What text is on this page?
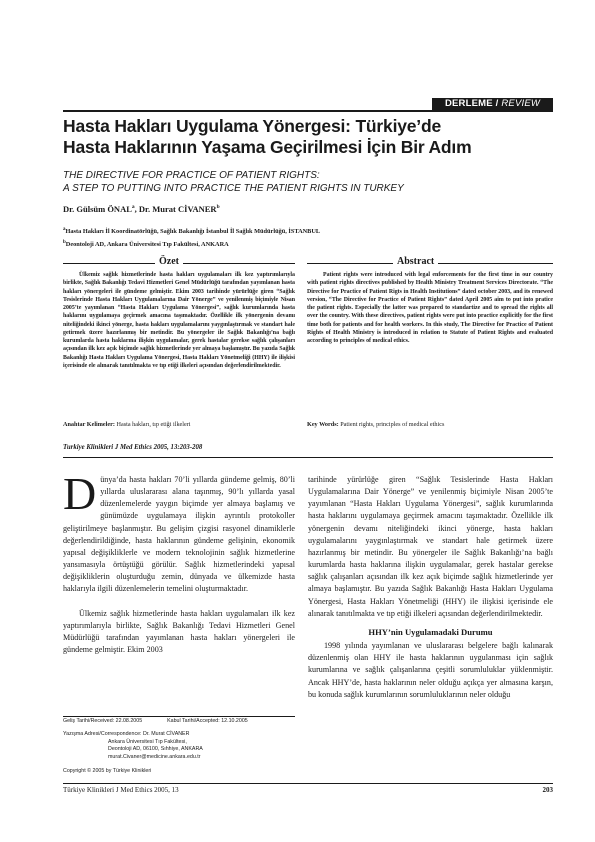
DERLEME / REVIEW
Hasta Hakları Uygulama Yönergesi: Türkiye’de
Hasta Haklarının Yaşama Geçirilmesi İçin Bir Adım
THE DIRECTIVE FOR PRACTICE OF PATIENT RIGHTS:
A STEP TO PUTTING INTO PRACTICE THE PATIENT RIGHTS IN TURKEY
Dr. Gülsüm ÖNAL$^a$, Dr. Murat CİVANER$^b$
$^a$Hasta Hakları İl Koordinatörlüğü, Sağlık Bakanlığı İstanbul İl Sağlık Müdürlüğü, İSTANBUL
$^b$Deontoloji AD, Ankara Üniversitesi Tıp Fakültesi, ANKARA
Özet	Abstract

Ülkemiz sağlık hizmetlerinde hasta hakları uygulamaları ilk kez yaptırımlarıyla birlikte, Sağlık Bakanlığı Tedavi Hizmetleri Genel Müdürlüğü tarafından yayımlanan hasta hakları yönergeleri ile gündeme gelmiştir. Ekim 2003 tarihinde yürürlüğe giren “Sağlık Tesislerinde Hasta Hakları Uygulamalarına Dair Yönerge” ve yenilenmiş biçimiyle Nisan 2005’te yayımlanan “Hasta Hakları Uygulama Yönergesi”, sağlık kurumlarında hasta haklarını uygulamaya geçirmek amacına taşımaktadır. Özellikle ilk yönergenin devamı niteliğindeki ikinci yönerge, hasta hakları uygulamalarını yaygınlaştırmak ve standart hale getirmek üzere hazırlanmış bir metindir. Bu yönergeler ile Sağlık Bakanlığı’na bağlı kurumlarda hasta haklarına ilişkin uygulamalar, gerek hastalar gerekse sağlık çalışanları açısından ilk kez açık biçimde sağlık hizmetlerinde yer almaya başlamıştır. Bu yazıda Sağlık Bakanlığı Hasta Hakları Uygulama Yönergesi, Hasta Hakları Yönetmeliği (HHY) ile ilişkisi içerisinde ele alınarak tanıtılmakta ve tıp etiği ilkeleri açısından değerlendirilmektedir.

Anahtar Kelimeler: Hasta hakları, tıp etiği ilkeleri

Patient rights were introduced with legal enforcements for the first time in our country with patient rights directives published by Health Ministry Treatment Services Directorate. “The Directive for Practice of Patient Rigts in Health Institutions” dated october 2003, and its renewed version, “The Directive for Practice of Patient Rights” dated April 2005 aim to put into pratice the patient rights. Especially the latter was prepared to standartize and to spread the rights all over the country. With these directives, patient rights were put into practice explicitly for the first time both for patients and for health workers. In this study, The Directive for Practice of Patient Rights of Health Ministry is introduced in relation to Statute of Patient Rights and evaluated according to principles of medical ethics.

Key Words: Patient rights, principles of medical ethics
Turkiye Klinikleri J Med Ethics 2005, 13:203-208

Dünya’da hasta hakları 70’li yıllarda gündeme gelmiş, 80’li yıllarda uluslararası alana taşınmış, 90’lı yıllarda yasal düzenlemelerde yaygın biçimde yer almaya başlamış ve günümüzde uygulamaya ilişkin ayrıntılı protokoller geliştirilmeye başlanmıştır. Bu gelişim çizgisi rasyonel dinamiklerle değerlendirildiğinde, hasta haklarının gündeme gelişinin, ekonomik yapısal değişikliklerle ve modern teknolojinin sağlık hizmetlerine yansımasıyla örtüştüğü görülür. Sağlık hizmetlerindeki yapısal değişikliklerin oluşturduğu zemin, dünyada ve ülkemizde hasta haklarıyla ilgili düzenlemelerin temelini oluşturmaktadır.

Ülkemiz sağlık hizmetlerinde hasta hakları uygulamaları ilk kez yaptırımlarıyla birlikte, Sağlık Bakanlığı Tedavi Hizmetleri Genel Müdürlüğü tarafından yayımlanan hasta hakları yönergeleri ile gündeme gelmiştir. Ekim 2003

tarihinde yürürlüğe giren “Sağlık Tesislerinde Hasta Hakları Uygulamalarına Dair Yönerge” ve yenilenmiş biçimiyle Nisan 2005’te yayımlanan “Hasta Hakları Uygulama Yönergesi”, sağlık kurumlarında hasta haklarını uygulamaya geçirmek amacını taşımaktadır. Özellikle ilk yönergenin devamı niteliğindeki ikinci yönerge, hasta hakları uygulamalarını yaygınlaştırmak ve standart hale getirmek üzere hazırlanmış bir metindir. Bu yönergeler ile Sağlık Bakanlığı’na bağlı kurumlarda hasta haklarına ilişkin uygulamalar, gerek hastalar gerekse sağlık çalışanları açısından ilk kez açık biçimde sağlık hizmetlerinde yer almaya başlamıştır. Bu yazıda Sağlık Bakanlığı Hasta Hakları Uygulama Yönergesi, Hasta Hakları Yönetmeliği (HHY) ile ilişkisi içerisinde ele alınarak tanıtılmakta ve tıp etiği ilkeleri açısından değerlendirilmektedir.

HHY’nin Uygulamadaki Durumu

1998 yılında yayımlanan ve uluslararası belgelere bağlı kalınarak düzenlenmiş olan HHY ile hasta haklarının uygulanması için sağlık kurumlarına ve sağlık çalışanlarına çeşitli sorumluluklar yüklenmiştir. Ancak HHY’de, hasta haklarının neler olduğu açıkça yer almasına karşın, bu konuda sağlık kurumlarının sorumluluklarının neler olduğu

Geliş Tarihi/Received: 22.08.2005	Kabul Tarihi/Accepted: 12.10.2005
Yazışma Adresi/Correspondence: Dr. Murat CİVANER
Ankara Üniversitesi Tıp Fakültesi,
Deontoloji AD, 06100, Sıhhiye, ANKARA
murat.Civaner@medicine.ankara.edu.tr
Copyright © 2005 by Türkiye Klinikleri
Türkiye Klinikleri J Med Ethics 2005, 13	203
